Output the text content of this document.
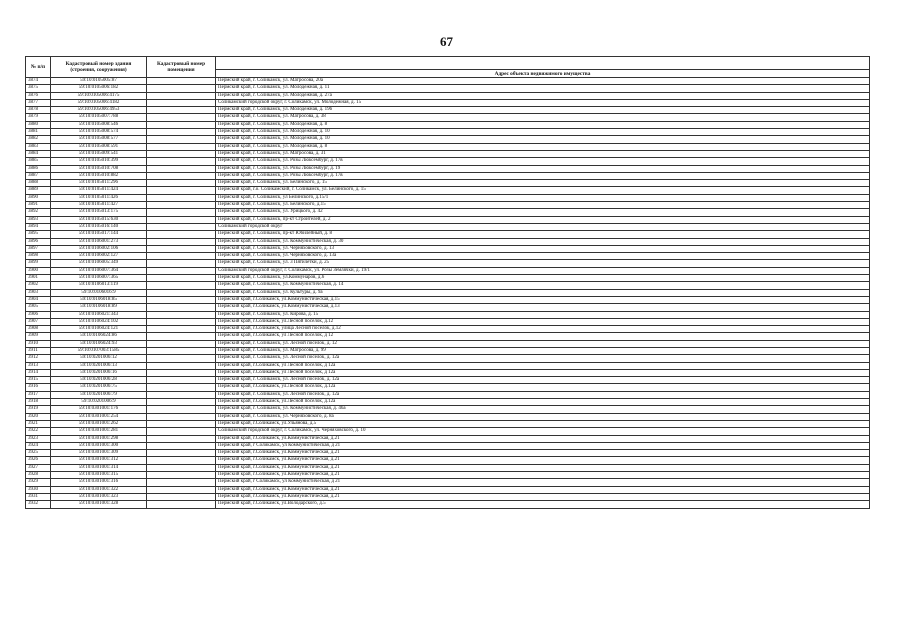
67
№ п/п	Кадастровый номер здания (строения, сооружения)	Кадастровый номер помещения	Адрес объекта недвижимого имущества

3874	59:10:0105005:87		Пермский край, г. Соликамск, ул. Матросова, 20а
3875	59:10:0105006:182		Пермский край, г. Соликамск, ул. Молодежная, д. 11
3876	59:10:0105006:4175		Пермский край, г. Соликамск, ул. Молодежная, д. 27а
3877	59:10:0105006:4182		Соликамский городской округ, г. Соликамск, ул. Молодежная, д. 15
3878	59:10:0105006:4953		Пермский край, г. Соликамск, ул. Молодежная, д. 19б
3879	59:10:0105007:788		Пермский край, г. Соликамск, ул. Матросова, д. 38
3880	59:10:0105008:546		Пермский край, г. Соликамск, ул. Молодежная, д. 8
3881	59:10:0105008:574		Пермский край, г. Соликамск, ул. Молодежная, д. 10
3882	59:10:0105008:577		Пермский край, г. Соликамск, ул. Молодежная, д. 10
3883	59:10:0105008:591		Пермский край, г. Соликамск, ул. Молодежная, д. 8
3884	59:10:0105009:541		Пермский край, г. Соликамск, ул. Матросова, д. 31
3885	59:10:0105010:399		Пермский край, г. Соликамск, ул. Розы Люксембург, д. 17в
3886	59:10:0105010:708		Пермский край, г. Соликамск, ул. Розы Люксембург, д. 19
3887	59:10:0105010:882		Пермский край, г. Соликамск, ул. Розы Люксембург, д. 17в
3888	59:10:0105011:296		Пермский край, г. Соликамск, ул. Белинского, д. 15
3889	59:10:0105011:424		Пермский край, г.о. Соликамский, г. Соликамск, ул. Белинского, д. 15
3890	59:10:0105011:426		Пермский край, г. Соликамск, ул Белинского, д.15/1
3891	59:10:0105011:427		Пермский край, г. Соликамск, ул. Белинского, д.15
3892	59:10:0105013:175		Пермский край, г. Соликамск, ул. Урицкого, д. 42
3893	59:10:0105015:630		Пермский край, г. Соликамск, пр-кт Строителей, д. 2
3894	59:10:0105016:140		Соликамский городской округ
3895	59:10:0105017:144		Пермский край, г. Соликамск, пр-кт Юбилейный, д. 8
3896	59:10:0106001:273		Пермский край, г. Соликамск, ул. Коммунистическая, д. 30
3897	59:10:0106002:106		Пермский край, г. Соликамск, ул. Черняховского, д. 13
3898	59:10:0106002:127		Пермский край, г. Соликамск, ул. Черняховского, д. 13а
3899	59:10:0106005:349		Пермский край, г. Соликамск, ул. 3 Пятилетки, д. 25
3900	59:10:0106007:364		Соликамский городской округ, г. Соликамск, ул. Розы Землячки, д. 19/1
3901	59:10:0106007:365		Пермский край, г. Соликамск, ул.Коммунаров, д.6
3902	59:10:0106013:119		Пермский край, г. Соликамск, ул. Коммунистическая, д. 14
3903	59:10:0106016:9		Пермский край, г. Соликамск, ул. Культуры, д. 9а
3904	59:10:0106018:85		Пермский край, г.Соликамск, ул.Коммунистическая, д.15
3905	59:10:0106018:89		Пермский край, г.Соликамск, ул.Коммунистическая, д.13
3906	59:10:0106021:343		Пермский край, г. Соликамск, ул. Кирова, д. 15
3907	59:10:0106024:102		Пермский край, г.Соликамск, ул.Лесной поселок, д.12
3908	59:10:0106024:121		Пермский край, г.Соликамск, улица Лесной поселок, д.12
3909	59:10:0106024:86		Пермский край, г.Соликамск, ул Лесной поселок, д 12
3910	59:10:0106024:93		Пермский край, г. Соликамск, ул. Лесной поселок, д. 12
3911	59:10:0107003:1585		Пермский край, г. Соликамск, ул. Матросова, д. 99
3912	59:10:0201006:12		Пермский край, г. Соликамск, ул. Лесной поселок, д. 12а
3913	59:10:0201006:13		Пермский край, г.Соликамск, ул Лесной поселок, д 12а
3914	59:10:0201006:16		Пермский край, г.Соликамск, ул Лесной поселок, д 12а
3915	59:10:0201006:28		Пермский край, г. Соликамск, ул. Лесной поселок, д. 12а
3916	59:10:0201006:75		Пермский край, г.Соликамск, ул.Лесной поселок, д.12а
3917	59:10:0201006:79		Пермский край, г. Соликамск, ул. Лесной поселок, д. 12а
3918	59:10:0201006:9		Пермский край, г.Соликамск, ул.Лесной поселок, д.12а
3919	59:10:0301001:176		Пермский край, г. Соликамск, ул. Коммунистическая, д. 46а
3920	59:10:0301001:254		Пермский край, г. Соликамск, ул. Черняховского, д. 8а
3921	59:10:0301001:262		Пермский край, г.Соликамск, ул.Ульянова, д.5
3922	59:10:0301001:281		Соликамский городской округ, г. Соликамск, ул. Черняховского, д. 10
3923	59:10:0301001:298		Пермский край, г.Соликамск, ул.Коммунистическая, д.21
3924	59:10:0301001:300		Пермский край, г Соликамск, ул Коммунистическая, д 21
3925	59:10:0301001:309		Пермский край, г.Соликамск, ул.Коммунистическая, д.21
3926	59:10:0301001:312		Пермский край, г.Соликамск, ул.Коммунистическая, д.21
3927	59:10:0301001:314		Пермский край, г.Соликамск, ул.Коммунистическая, д.21
3928	59:10:0301001:315		Пермский край, г.Соликамск, ул.Коммунистическая, д.21
3929	59:10:0301001:316		Пермский край, г Соликамск, ул Коммунистическая, д 21
3930	59:10:0301001:322		Пермский край, г.Соликамск, ул.Коммунистическая, д.21
3931	59:10:0301001:323		Пермский край, г.Соликамск, ул.Коммунистическая, д.21
3932	59:10:0301001:328		Пермский край, г.Соликамск, ул.Володарского, д.5
